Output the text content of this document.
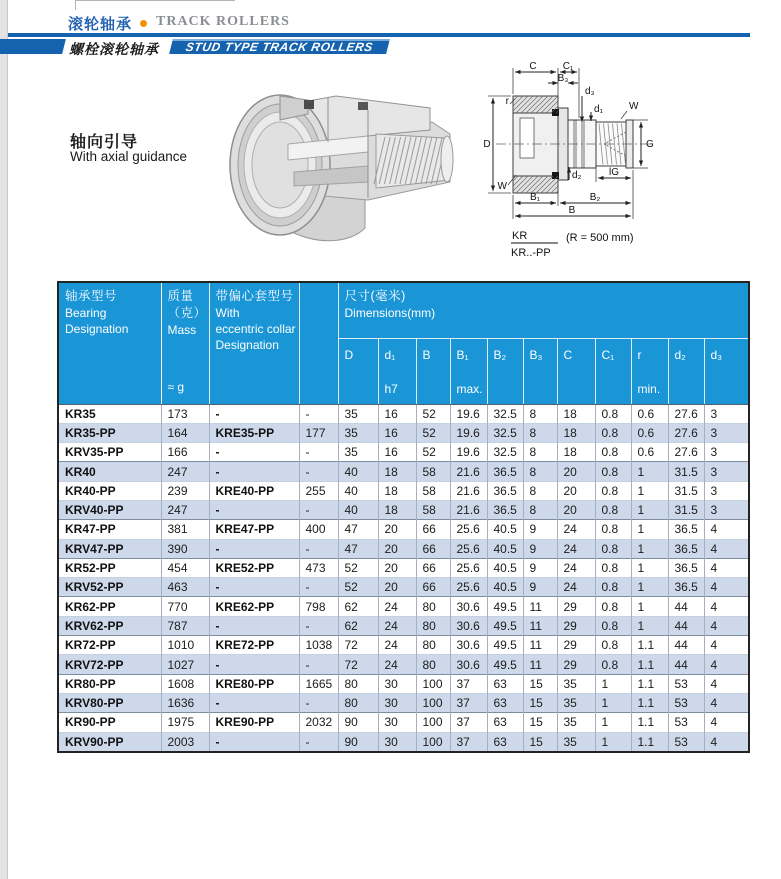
滚轮轴承 TRACK ROLLERS
螺栓滚轮轴承	STUD TYPE TRACK ROLLERS
轴向引导
With axial guidance
C	C₁
B₃
d₃
d₁	W
r
D	G
W
d₂	lG
B₁	B₂
B
KR
KR..-PP
(R = 500 mm)
轴承型号
Bearing
Designation	质量
（克）
Mass
≈ g	带偏心套型号
With
eccentric collar
Designation		尺寸(毫米)
Dimensions(mm)										
				D	d₁	B	B₁	B₂	B₃	C	C₁	r	d₂	d₃
					h7		max.					min.		
KR35	173	-	-	35	16	52	19.6	32.5	8	18	0.8	0.6	27.6	3
KR35-PP	164	KRE35-PP	177	35	16	52	19.6	32.5	8	18	0.8	0.6	27.6	3
KRV35-PP	166	-	-	35	16	52	19.6	32.5	8	18	0.8	0.6	27.6	3
KR40	247	-	-	40	18	58	21.6	36.5	8	20	0.8	1	31.5	3
KR40-PP	239	KRE40-PP	255	40	18	58	21.6	36.5	8	20	0.8	1	31.5	3
KRV40-PP	247	-	-	40	18	58	21.6	36.5	8	20	0.8	1	31.5	3
KR47-PP	381	KRE47-PP	400	47	20	66	25.6	40.5	9	24	0.8	1	36.5	4
KRV47-PP	390	-	-	47	20	66	25.6	40.5	9	24	0.8	1	36.5	4
KR52-PP	454	KRE52-PP	473	52	20	66	25.6	40.5	9	24	0.8	1	36.5	4
KRV52-PP	463	-	-	52	20	66	25.6	40.5	9	24	0.8	1	36.5	4
KR62-PP	770	KRE62-PP	798	62	24	80	30.6	49.5	11	29	0.8	1	44	4
KRV62-PP	787	-	-	62	24	80	30.6	49.5	11	29	0.8	1	44	4
KR72-PP	1010	KRE72-PP	1038	72	24	80	30.6	49.5	11	29	0.8	1.1	44	4
KRV72-PP	1027	-	-	72	24	80	30.6	49.5	11	29	0.8	1.1	44	4
KR80-PP	1608	KRE80-PP	1665	80	30	100	37	63	15	35	1	1.1	53	4
KRV80-PP	1636	-	-	80	30	100	37	63	15	35	1	1.1	53	4
KR90-PP	1975	KRE90-PP	2032	90	30	100	37	63	15	35	1	1.1	53	4
KRV90-PP	2003	-	-	90	30	100	37	63	15	35	1	1.1	53	4
